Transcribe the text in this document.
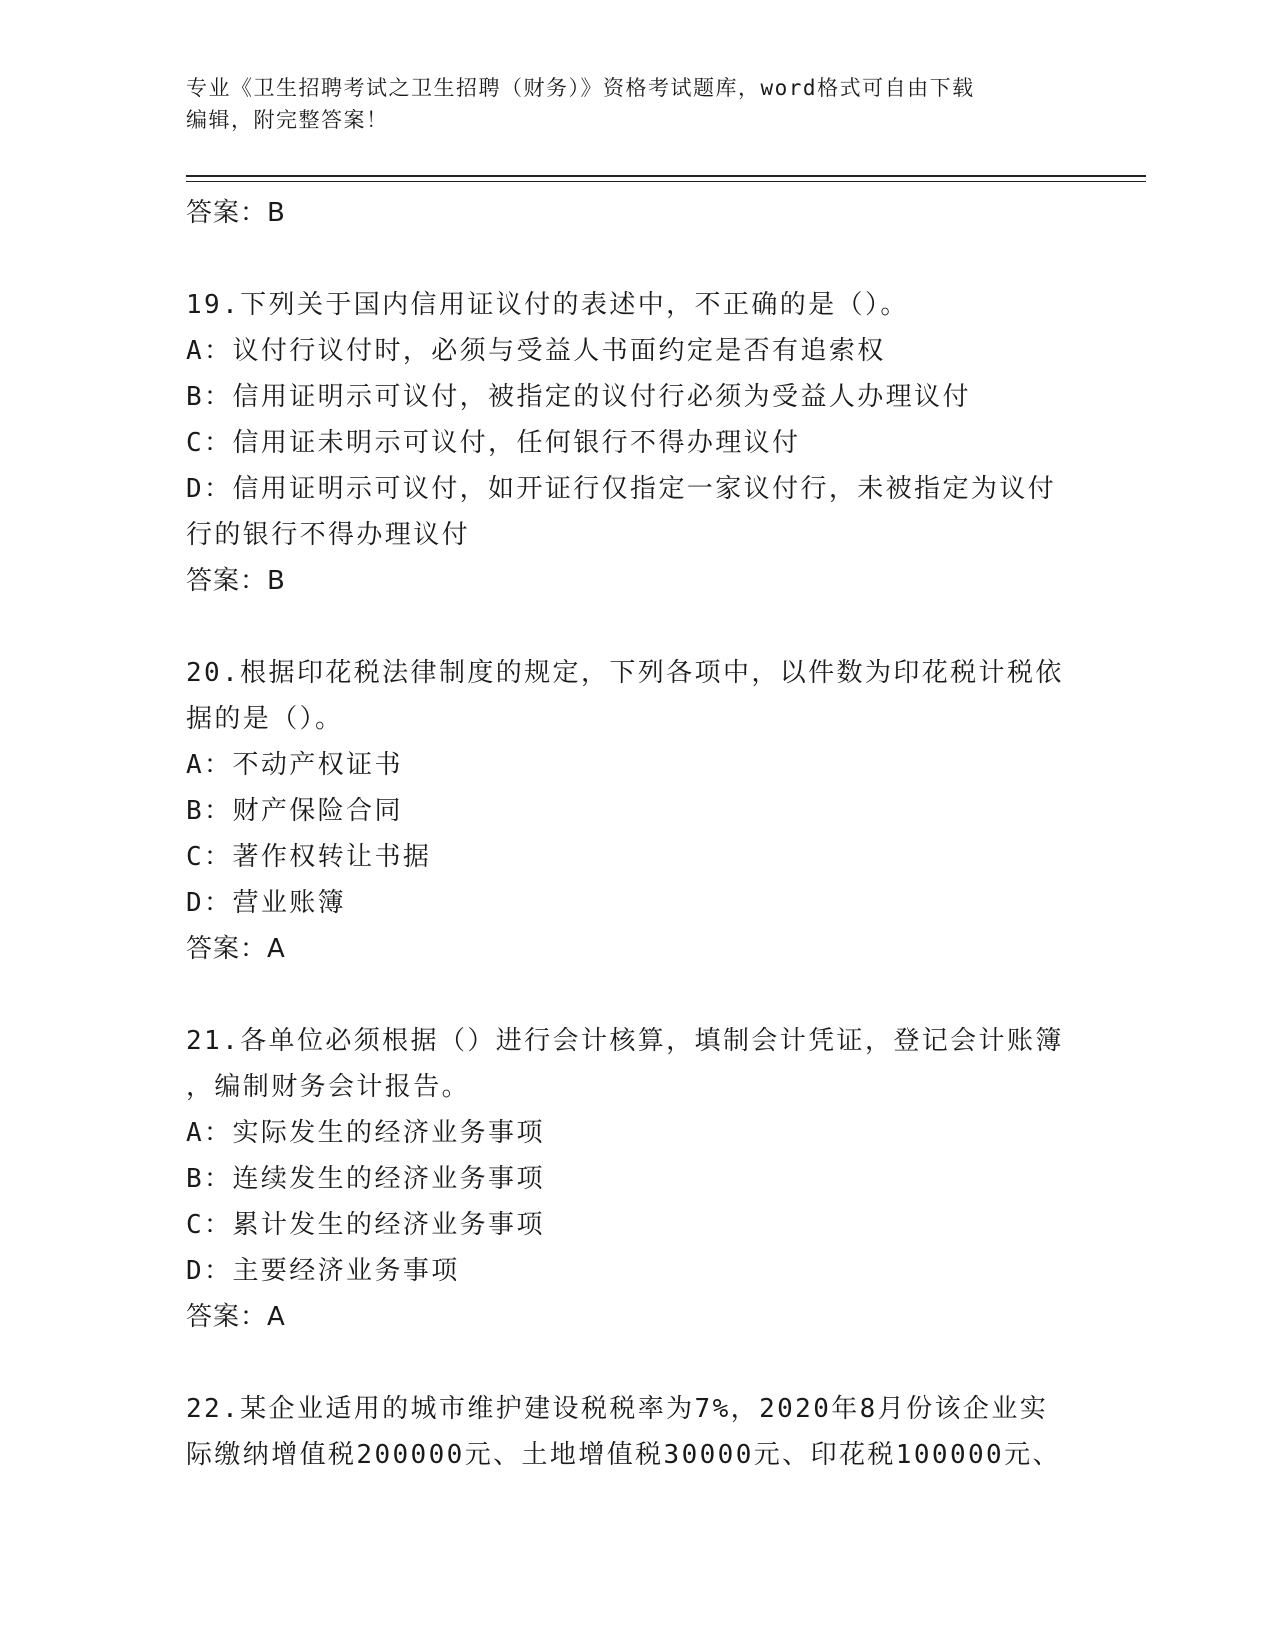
专业《卫生招聘考试之卫生招聘（财务）》资格考试题库，word格式可自由下载
编辑，附完整答案！
答案：B
19.下列关于国内信用证议付的表述中，不正确的是（）。
A：议付行议付时，必须与受益人书面约定是否有追索权
B：信用证明示可议付，被指定的议付行必须为受益人办理议付
C：信用证未明示可议付，任何银行不得办理议付
D：信用证明示可议付，如开证行仅指定一家议付行，未被指定为议付
行的银行不得办理议付
答案：B
20.根据印花税法律制度的规定，下列各项中，以件数为印花税计税依
据的是（）。
A：不动产权证书
B：财产保险合同
C：著作权转让书据
D：营业账簿
答案：A
21.各单位必须根据（）进行会计核算，填制会计凭证，登记会计账簿
，编制财务会计报告。
A：实际发生的经济业务事项
B：连续发生的经济业务事项
C：累计发生的经济业务事项
D：主要经济业务事项
答案：A
22.某企业适用的城市维护建设税税率为7%，2020年8月份该企业实
际缴纳增值税200000元、土地增值税30000元、印花税100000元、
